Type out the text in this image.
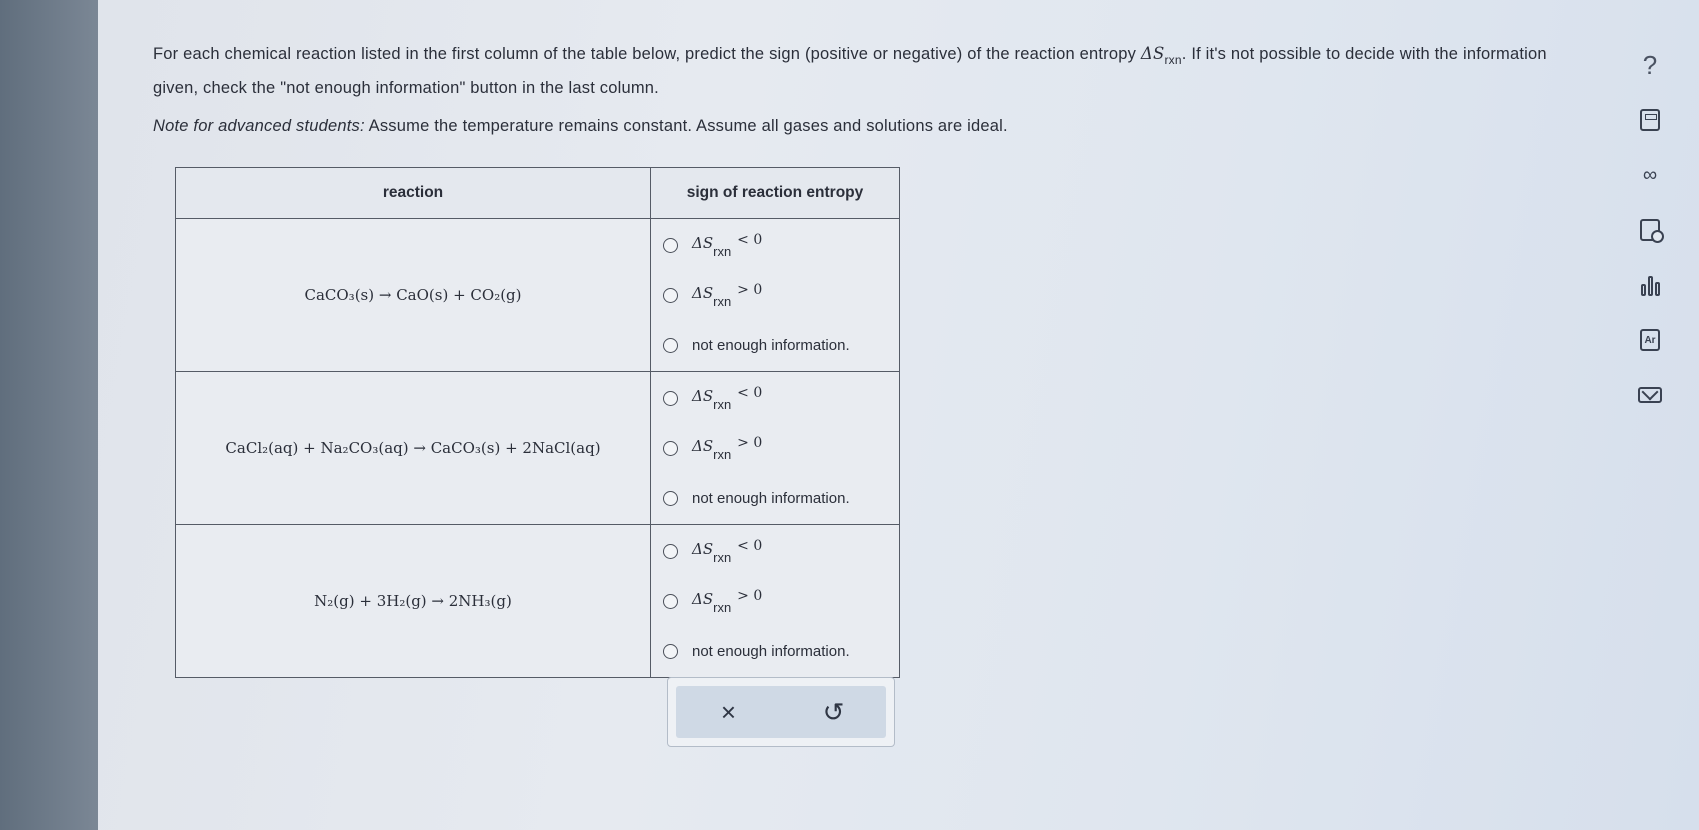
For each chemical reaction listed in the first column of the table below, predict the sign (positive or negative) of the reaction entropy $\Delta S_{rxn}$. If it's not possible to decide with the information given, check the "not enough information" button in the last column.

Note for advanced students: Assume the temperature remains constant. Assume all gases and solutions are ideal.

reaction	sign of reaction entropy
CaCO₃(s) → CaO(s) + CO₂(g)	ΔSrxn< 0
ΔSrxn> 0
not enough information.

CaCl₂(aq) + Na₂CO₃(aq) → CaCO₃(s) + 2NaCl(aq)	ΔSrxn< 0
ΔSrxn> 0
not enough information.

N₂(g) + 3H₂(g) → 2NH₃(g)	ΔSrxn< 0
ΔSrxn> 0
not enough information.
×	↺
?
∞
Ar
